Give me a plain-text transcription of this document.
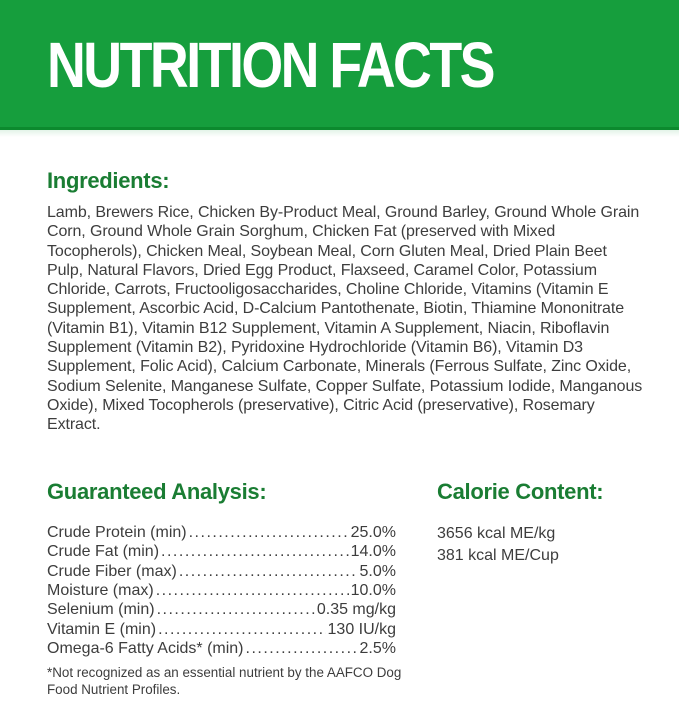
NUTRITION FACTS
Ingredients:

Lamb, Brewers Rice, Chicken By-Product Meal, Ground Barley, Ground Whole Grain Corn, Ground Whole Grain Sorghum, Chicken Fat (preserved with Mixed Tocopherols), Chicken Meal, Soybean Meal, Corn Gluten Meal, Dried Plain Beet Pulp, Natural Flavors, Dried Egg Product, Flaxseed, Caramel Color, Potassium Chloride, Carrots, Fructooligosaccharides, Choline Chloride, Vitamins (Vitamin E Supplement, Ascorbic Acid, D-Calcium Pantothenate, Biotin, Thiamine Mononitrate (Vitamin B1), Vitamin B12 Supplement, Vitamin A Supplement, Niacin, Riboflavin Supplement (Vitamin B2), Pyridoxine Hydrochloride (Vitamin B6), Vitamin D3 Supplement, Folic Acid), Calcium Carbonate, Minerals (Ferrous Sulfate, Zinc Oxide, Sodium Selenite, Manganese Sulfate, Copper Sulfate, Potassium Iodide, Manganous Oxide), Mixed Tocopherols (preservative), Citric Acid (preservative), Rosemary Extract.

Guaranteed Analysis:
Crude Protein (min) .....	25.0%
Crude Fat (min) .....	14.0%
Crude Fiber (max) .....	5.0%
Moisture (max) .....	10.0%
Selenium (min) .....	0.35 mg/kg
Vitamin E (min) .....	130 IU/kg
Omega-6 Fatty Acids* (min) .....	2.5%

*Not recognized as an essential nutrient by the AAFCO Dog Food Nutrient Profiles.

Calorie Content:
3656 kcal ME/kg
381 kcal ME/Cup
